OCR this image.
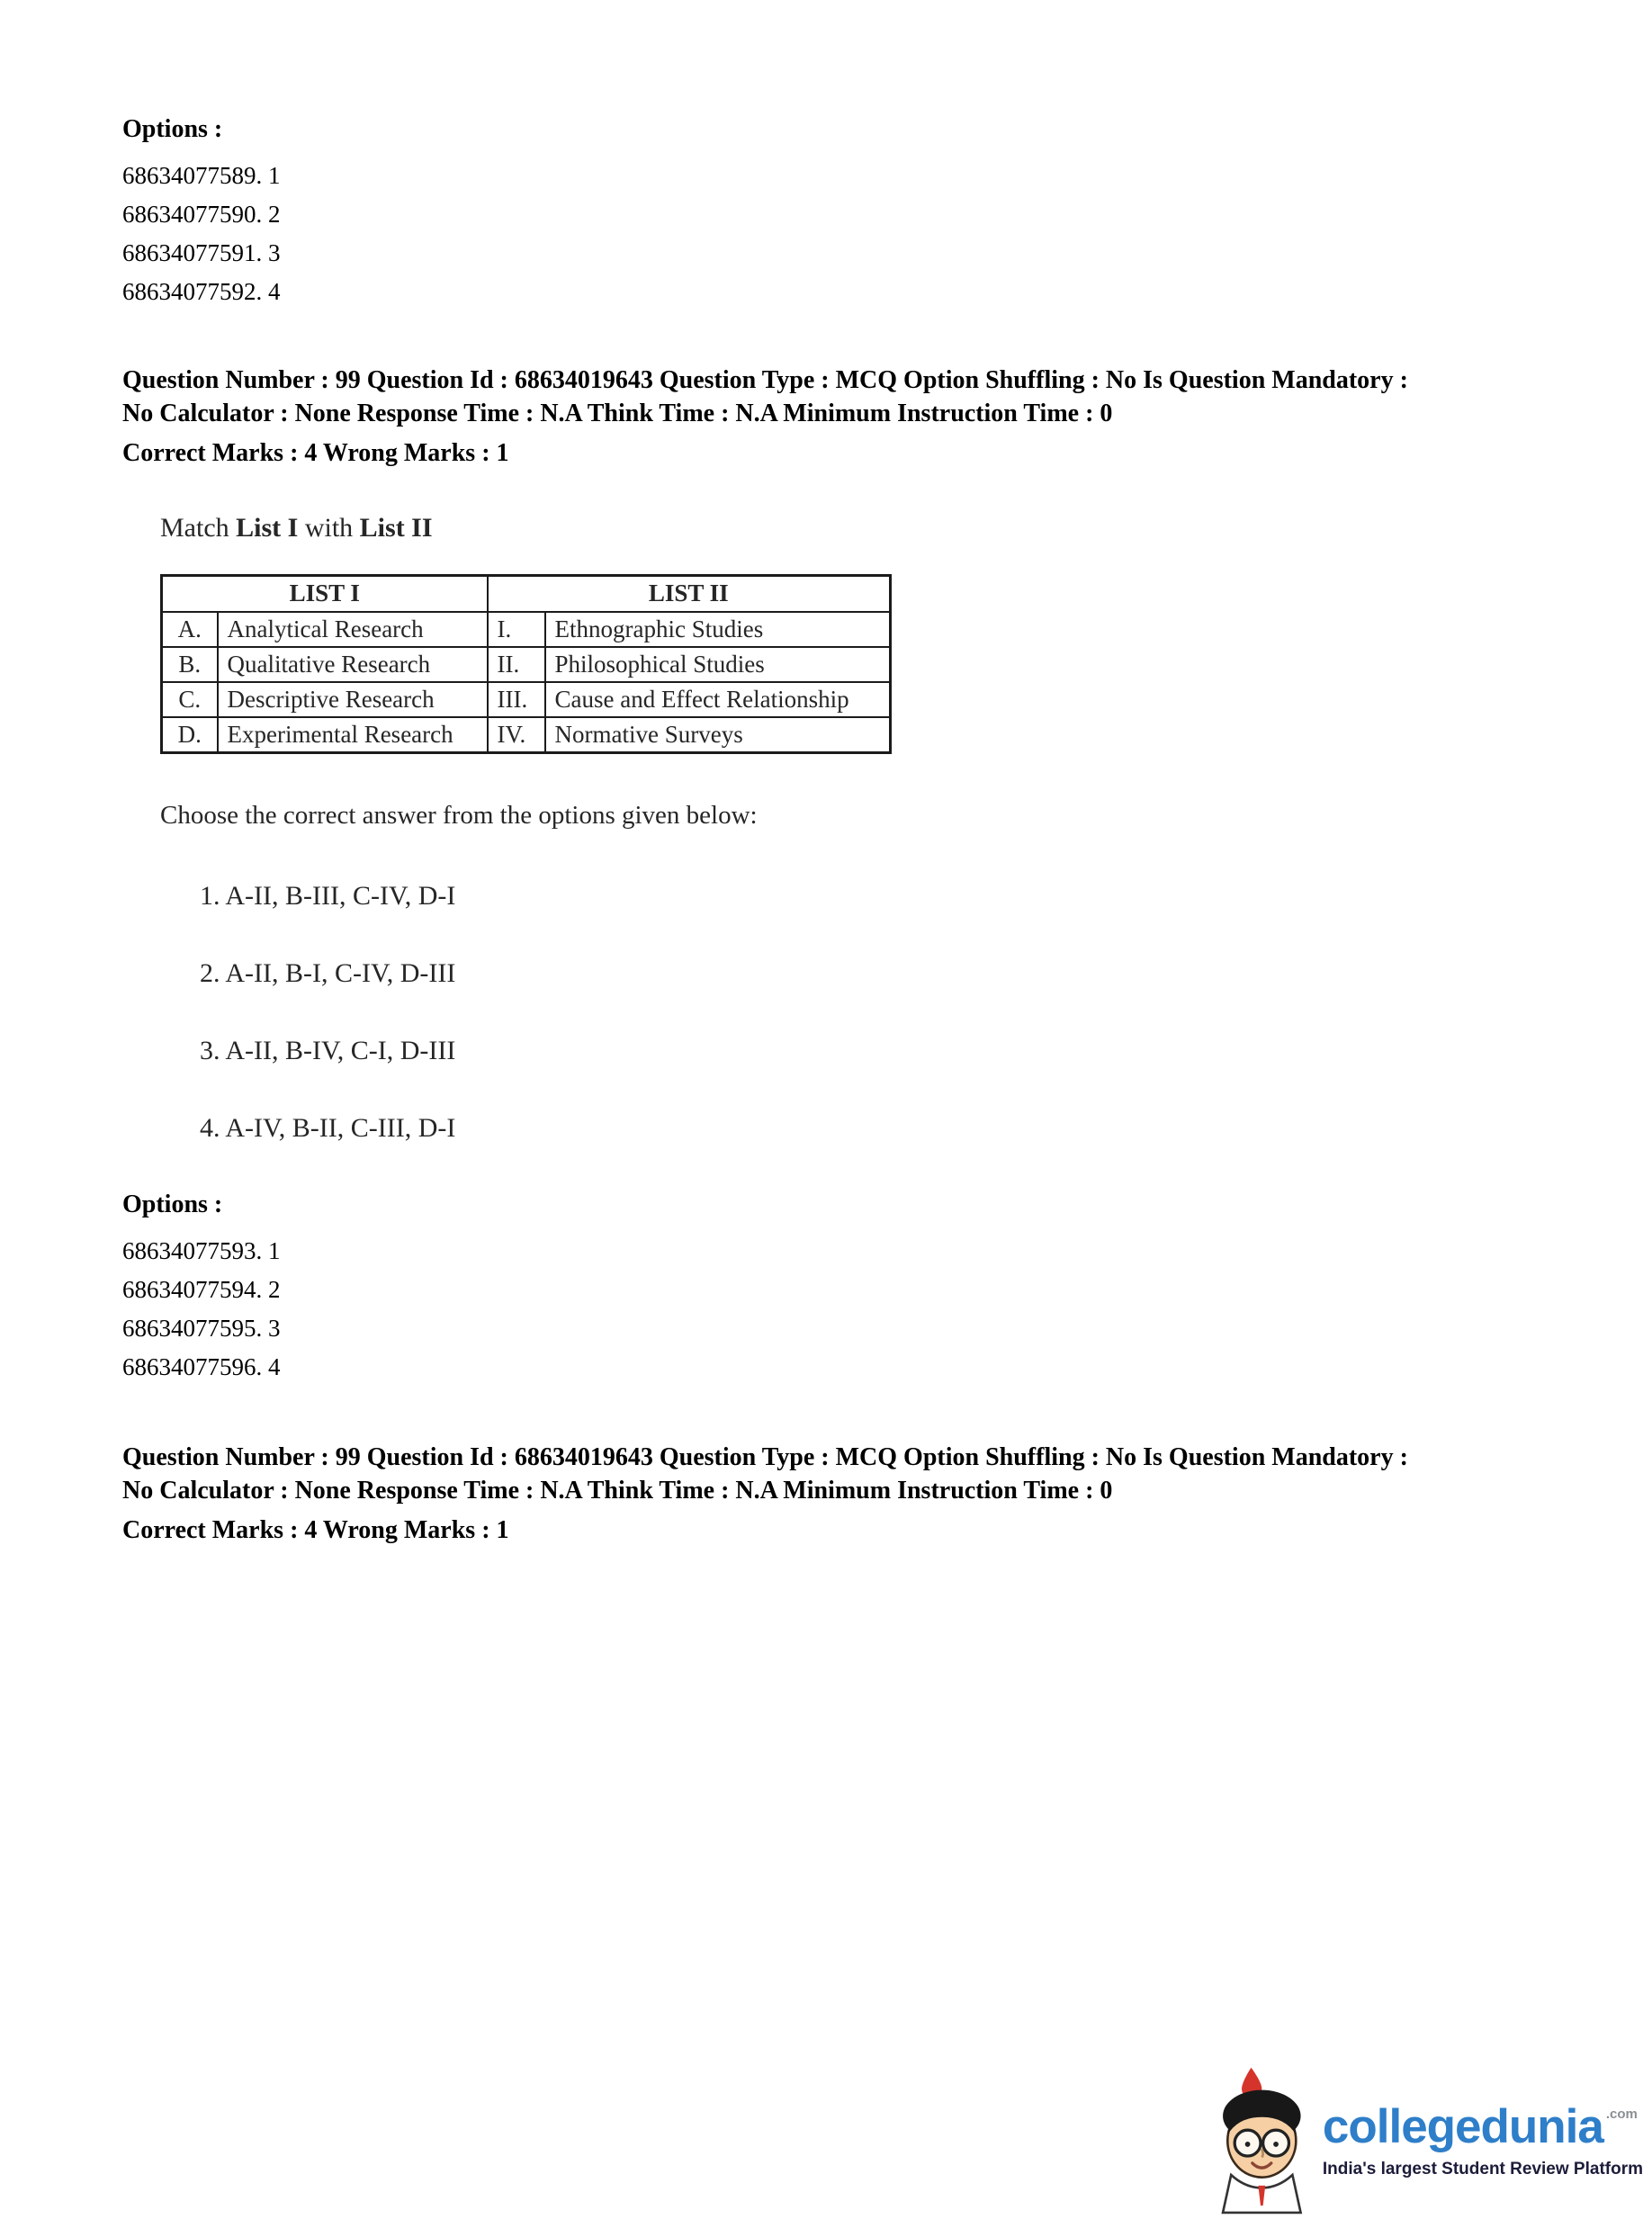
Options :
68634077589. 1
68634077590. 2
68634077591. 3
68634077592. 4
Question Number : 99 Question Id : 68634019643 Question Type : MCQ Option Shuffling : No Is Question Mandatory :
No Calculator : None Response Time : N.A Think Time : N.A Minimum Instruction Time : 0
Correct Marks : 4 Wrong Marks : 1
Match List I with List II
LIST I		LIST II	
A.	Analytical Research	I.	Ethnographic Studies
B.	Qualitative Research	II.	Philosophical Studies
C.	Descriptive Research	III.	Cause and Effect Relationship
D.	Experimental Research	IV.	Normative Surveys
Choose the correct answer from the options given below:
1. A-II, B-III, C-IV, D-I
2. A-II, B-I, C-IV, D-III
3. A-II, B-IV, C-I, D-III
4. A-IV, B-II, C-III, D-I
Options :
68634077593. 1
68634077594. 2
68634077595. 3
68634077596. 4
Question Number : 99 Question Id : 68634019643 Question Type : MCQ Option Shuffling : No Is Question Mandatory :
No Calculator : None Response Time : N.A Think Time : N.A Minimum Instruction Time : 0
Correct Marks : 4 Wrong Marks : 1
collegedunia .com
India's largest Student Review Platform
